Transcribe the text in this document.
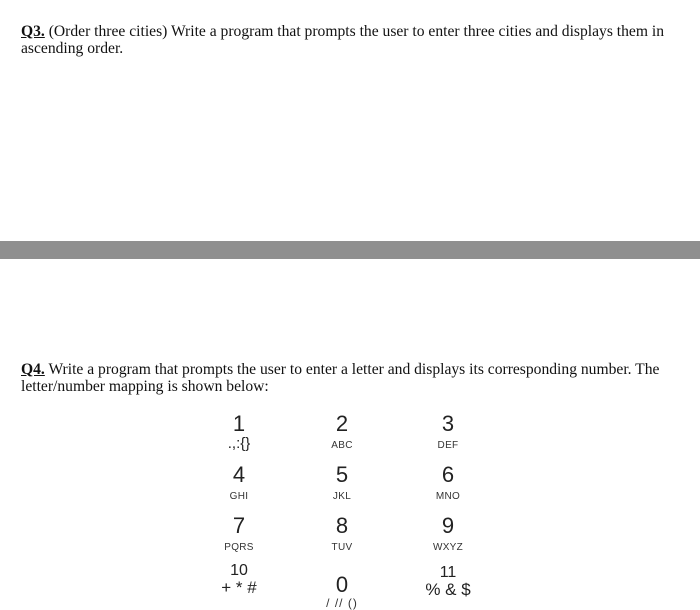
Q3. (Order three cities) Write a program that prompts the user to enter three cities and displays them in ascending order.
Q4. Write a program that prompts the user to enter a letter and displays its corresponding number. The letter/number mapping is shown below:
1
.,:{}
2
ABC
3
DEF
4
GHI
5
JKL
6
MNO
7
PQRS
8
TUV
9
WXYZ
10
+ * #	0
/ // ()
11
% & $
